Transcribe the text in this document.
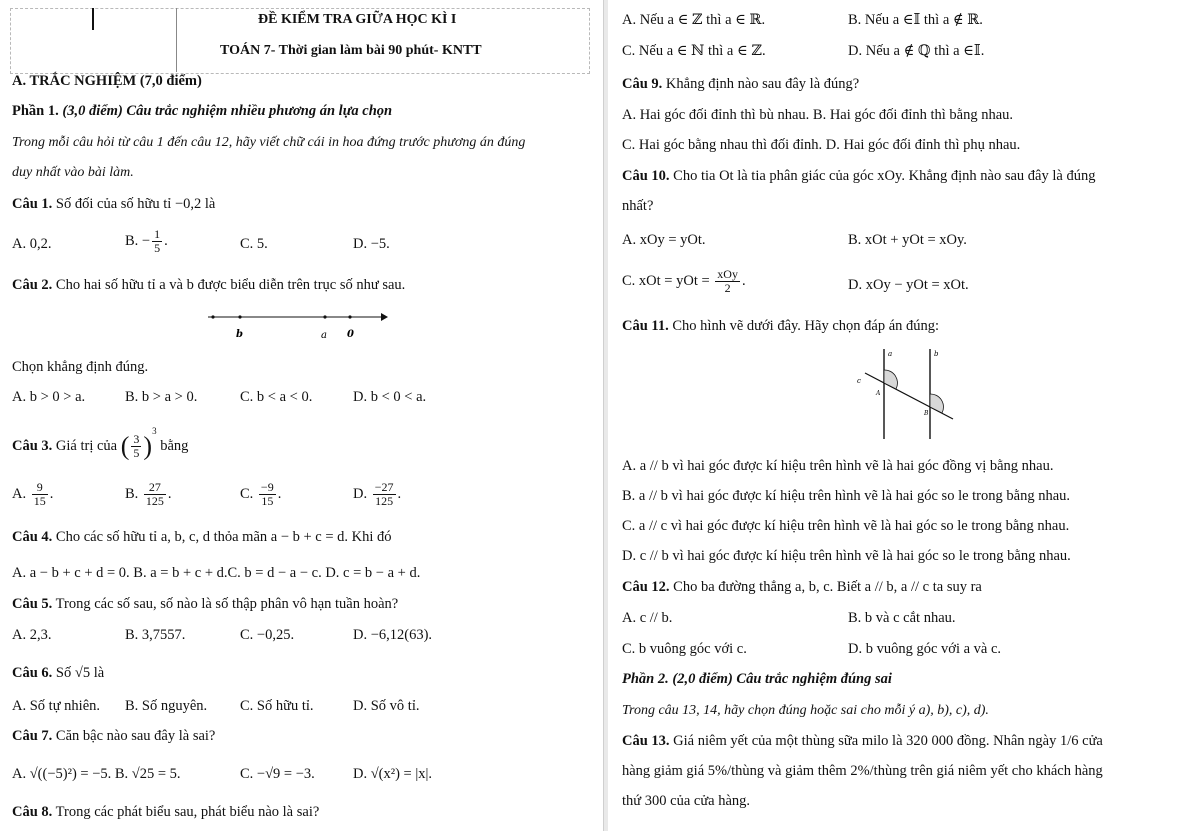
ĐỀ KIỂM TRA GIỮA HỌC KÌ I
TOÁN 7- Thời gian làm bài 90 phút- KNTT
A. TRẮC NGHIỆM (7,0 điểm)
Phần 1. (3,0 điểm) Câu trắc nghiệm nhiều phương án lựa chọn
Trong mỗi câu hỏi từ câu 1 đến câu 12, hãy viết chữ cái in hoa đứng trước phương án đúng
duy nhất vào bài làm.
Câu 1. Số đối của số hữu tỉ −0,2 là
A. 0,2.	B. − $\frac{1}{5}$ .	C. 5.	D. −5.
Câu 2. Cho hai số hữu tỉ a và b được biểu diễn trên trục số như sau.
b	a 0
Chọn khẳng định đúng.
A. b > 0 > a.	B. b > a > 0.	C. b < a < 0.	D. b < 0 < a.
Câu 3. Giá trị của ( $\frac{3}{5} )^3$ bằng
A. $\frac{9}{15}$ .	B. $\frac{27}{125}$ .	C. $\frac{-9}{15}$ .	D. $\frac{-27}{125}$ .
Câu 4. Cho các số hữu tỉ a, b, c, d thỏa mãn a − b + c = d. Khi đó
A. a − b + c + d = 0. B. a = b + c + d.C. b = d − a − c. D. c = b − a + d.
Câu 5. Trong các số sau, số nào là số thập phân vô hạn tuần hoàn?
A. 2,3.	B. 3,7557.	C. −0,25.	D. −6,12(63).
Câu 6. Số √5 là
A. Số tự nhiên. B. Số nguyên. C. Số hữu tỉ.	D. Số vô tỉ.
Câu 7. Căn bậc nào sau đây là sai?
A. √((−5)²) = −5. B. √25 = 5.	C. −√9 = −3.	D. √(x²) = |x|.
Câu 8. Trong các phát biểu sau, phát biểu nào là sai?
A. Nếu a ∈ ℤ thì a ∈ ℝ.	B. Nếu a ∈𝕀 thì a ∉ ℝ.
C. Nếu a ∈ ℕ thì a ∈ ℤ.	D. Nếu a ∉ ℚ thì a ∈𝕀.
Câu 9. Khẳng định nào sau đây là đúng?
A. Hai góc đối đỉnh thì bù nhau. B. Hai góc đối đỉnh thì bằng nhau.
C. Hai góc bằng nhau thì đối đỉnh. D. Hai góc đối đỉnh thì phụ nhau.
Câu 10. Cho tia Ot là tia phân giác của góc xOy. Khẳng định nào sau đây là đúng
nhất?
A. xOy = yOt.	B. xOt + yOt = xOy.
C. xOt = yOt = $\frac{\text{xOy}}{2}$ .	D. xOy − yOt = xOt.
Câu 11. Cho hình vẽ dưới đây. Hãy chọn đáp án đúng:
a	b
c
A
B
A. a // b vì hai góc được kí hiệu trên hình vẽ là hai góc đồng vị bằng nhau.
B. a // b vì hai góc được kí hiệu trên hình vẽ là hai góc so le trong bằng nhau.
C. a // c vì hai góc được kí hiệu trên hình vẽ là hai góc so le trong bằng nhau.
D. c // b vì hai góc được kí hiệu trên hình vẽ là hai góc so le trong bằng nhau.
Câu 12. Cho ba đường thẳng a, b, c. Biết a // b, a // c ta suy ra
A. c // b.	B. b và c cắt nhau.
C. b vuông góc với c.	D. b vuông góc với a và c.
Phần 2. (2,0 điểm) Câu trắc nghiệm đúng sai
Trong câu 13, 14, hãy chọn đúng hoặc sai cho mỗi ý a), b), c), d).
Câu 13. Giá niêm yết của một thùng sữa milo là 320 000 đồng. Nhân ngày 1/6 cửa
hàng giảm giá 5%/thùng và giảm thêm 2%/thùng trên giá niêm yết cho khách hàng
thứ 300 của cửa hàng.
